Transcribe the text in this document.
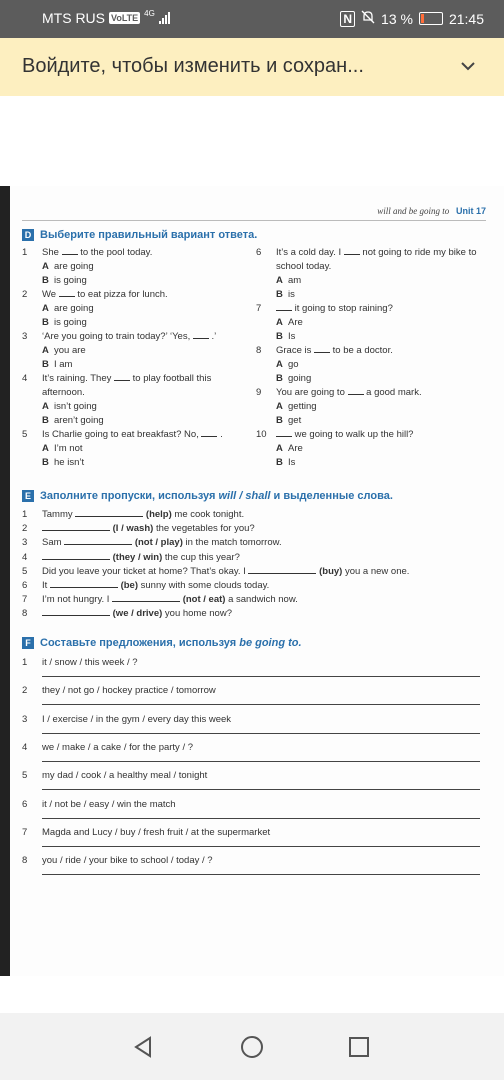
MTS RUS VoLTE 4G	N 13 %	21:45
Войдите, чтобы изменить и сохран...
will and be going to Unit 17
D Выберите правильный вариант ответа.
1 She to the pool today.
A are going
B is going
2 We to eat pizza for lunch.
A are going
B is going
3 ‘Are you going to train today?’ ‘Yes, .’
A you are
B I am
4 It’s raining. They to play football this
afternoon.
A isn’t going
B aren’t going
5 Is Charlie going to eat breakfast? No, .
A I’m not
B he isn’t
6 It’s a cold day. I not going to ride my bike to
school today.
A am
B is
7	it going to stop raining?
A Are
B Is
8 Grace is to be a doctor.
A go
B going
9 You are going to a good mark.
A getting
B get
10	we going to walk up the hill?
A Are
B Is
E Заполните пропуски, используя will / shall и выделенные слова.
1 Tammy	(help) me cook tonight.
2	(I / wash) the vegetables for you?
3 Sam	(not / play) in the match tomorrow.
4	(they / win) the cup this year?
5 Did you leave your ticket at home? That’s okay. I	(buy) you a new one.
6 It	(be) sunny with some clouds today.
7 I’m not hungry. I	(not / eat) a sandwich now.
8	(we / drive) you home now?
F Составьте предложения, используя be going to.
1 it / snow / this week / ?
2 they / not go / hockey practice / tomorrow
3 I / exercise / in the gym / every day this week
4 we / make / a cake / for the party / ?
5 my dad / cook / a healthy meal / tonight
6 it / not be / easy / win the match
7 Magda and Lucy / buy / fresh fruit / at the supermarket
8 you / ride / your bike to school / today / ?
